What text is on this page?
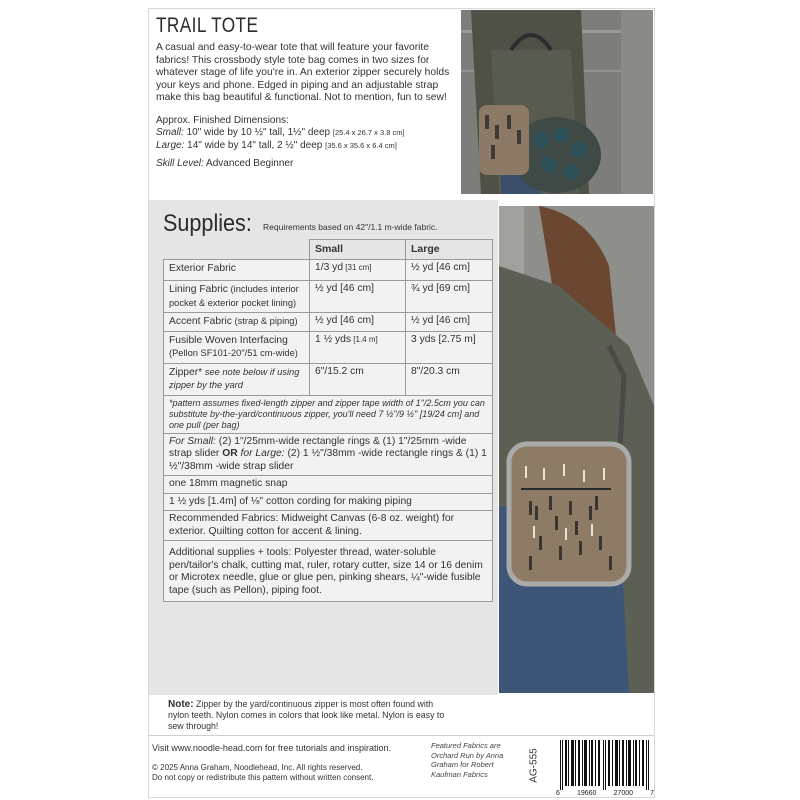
TRAIL TOTE
A casual and easy-to-wear tote that will feature your favorite fabrics! This crossbody style tote bag comes in two sizes for whatever stage of life you're in. An exterior zipper securely holds your keys and phone. Edged in piping and an adjustable strap make this bag beautiful & functional. Not to mention, fun to sew!
Approx. Finished Dimensions:
Small: 10" wide by 10 ½" tall, 1½" deep [25.4 x 26.7 x 3.8 cm]
Large: 14" wide by 14" tall, 2 ½" deep [35.6 x 35.6 x 6.4 cm]
Skill Level: Advanced Beginner
Supplies: Requirements based on 42"/1.1 m-wide fabric.
	Small	Large
Exterior Fabric	1/3 yd [31 cm]	½ yd [46 cm]
Lining Fabric (includes interior pocket & exterior pocket lining)	½ yd [46 cm]	¾ yd [69 cm]
Accent Fabric (strap & piping)	½ yd [46 cm]	½ yd [46 cm]
Fusible Woven Interfacing (Pellon SF101-20"/51 cm-wide)	1 ½ yds [1.4 m]	3 yds [2.75 m]
Zipper* see note below if using zipper by the yard	6"/15.2 cm	8"/20.3 cm
*pattern assumes fixed-length zipper and zipper tape width of 1"/2.5cm you can substitute by-the-yard/continuous zipper, you'll need 7 ½"/9 ½" [19/24 cm] and one pull (per bag)		
For Small: (2) 1"/25mm-wide rectangle rings & (1) 1"/25mm -wide strap slider OR for Large: (2) 1 ½"/38mm -wide rectangle rings & (1) 1 ½"/38mm -wide strap slider		
one 18mm magnetic snap		
1 ½ yds [1.4m] of ⅛" cotton cording for making piping		
Recommended Fabrics: Midweight Canvas (6-8 oz. weight) for exterior. Quilting cotton for accent & lining.		
Additional supplies + tools: Polyester thread, water-soluble pen/tailor's chalk, cutting mat, ruler, rotary cutter, size 14 or 16 denim or Microtex needle, glue or glue pen, pinking shears, ¼"-wide fusible tape (such as Pellon), piping foot.		
Note: Zipper by the yard/continuous zipper is most often found with nylon teeth. Nylon comes in colors that look like metal. Nylon is easy to sew through!
Visit www.noodle-head.com for free tutorials and inspiration.
© 2025 Anna Graham, Noodlehead, Inc. All rights reserved.
Do not copy or redistribute this pattern without written consent.
Featured Fabrics are Orchard Run by Anna Graham for Robert Kaufman Fabrics	AG-555
6 19660 27000 7
